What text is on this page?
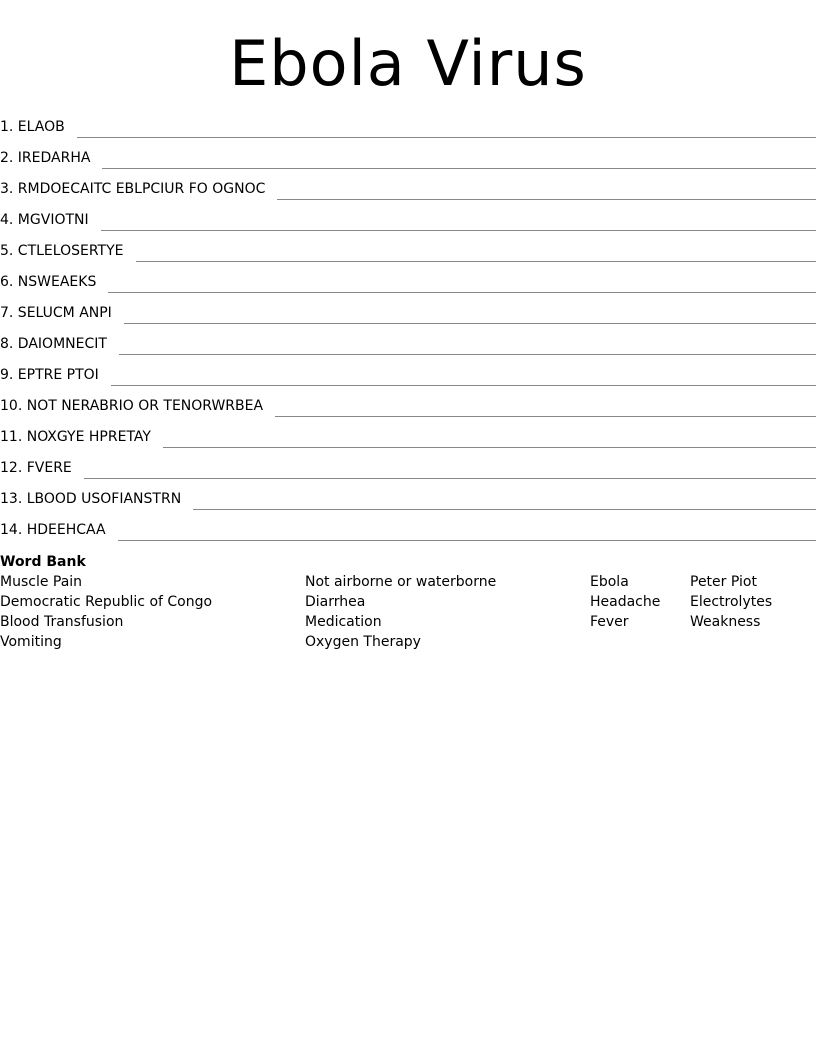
Ebola Virus
1. ELAOB
2. IREDARHA
3. RMDOECAITC EBLPCIUR FO OGNOC
4. MGVIOTNI
5. CTLELOSERTYE
6. NSWEAEKS
7. SELUCM ANPI
8. DAIOMNECIT
9. EPTRE PTOI
10. NOT NERABRIO OR TENORWRBEA
11. NOXGYE HPRETAY
12. FVERE
13. LBOOD USOFIANSTRN
14. HDEEHCAA
Word Bank
Muscle Pain
Democratic Republic of Congo
Blood Transfusion
Vomiting
Not airborne or waterborne
Diarrhea
Medication
Oxygen Therapy
Ebola
Headache
Fever
Peter Piot
Electrolytes
Weakness
